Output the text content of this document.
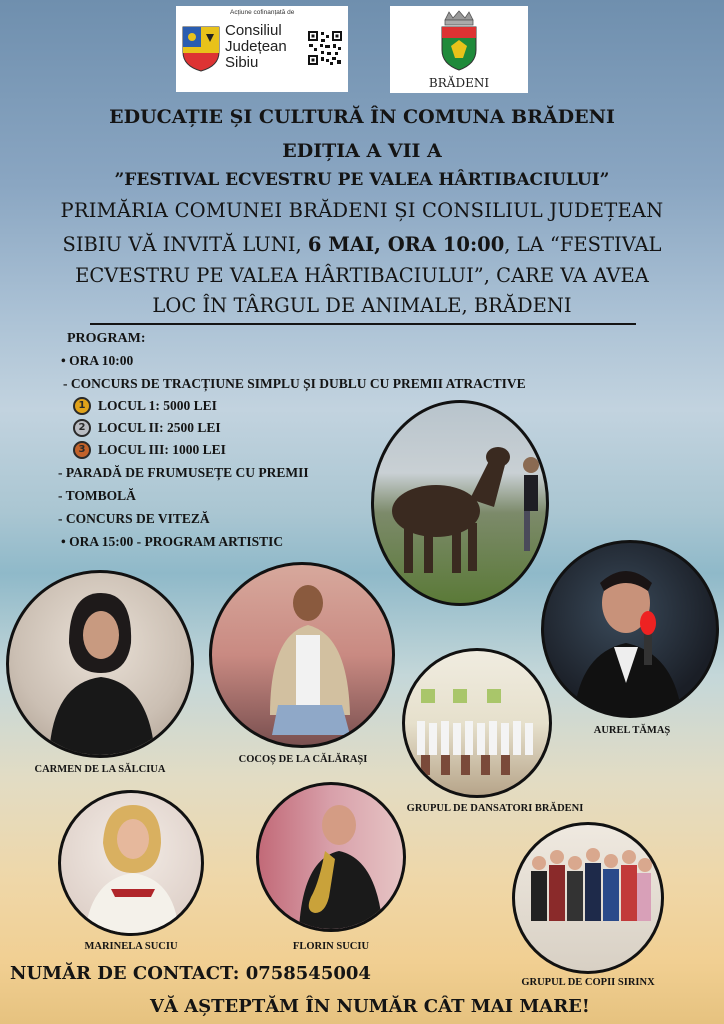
Acțiune cofinanțată de
Consiliul
Județean
Sibiu
BRĂDENI
EDUCAȚIE ȘI CULTURĂ ÎN COMUNA BRĂDENI
EDIȚIA A VII A
”FESTIVAL ECVESTRU PE VALEA HÂRTIBACIULUI”
PRIMĂRIA COMUNEI BRĂDENI ȘI CONSILIUL JUDEȚEAN
SIBIU VĂ INVITĂ LUNI, 6 MAI, ORA 10:00, LA “FESTIVAL
ECVESTRU PE VALEA HÂRTIBACIULUI”, CARE VA AVEA
LOC ÎN TÂRGUL DE ANIMALE, BRĂDENI
PROGRAM:
• ORA 10:00
- CONCURS DE TRACȚIUNE SIMPLU ȘI DUBLU CU PREMII ATRACTIVE
1 LOCUL 1: 5000 LEI
2 LOCUL II: 2500 LEI
3 LOCUL III: 1000 LEI
- PARADĂ DE FRUMUSEȚE CU PREMII
- TOMBOLĂ
- CONCURS DE VITEZĂ
• ORA 15:00 - PROGRAM ARTISTIC
CARMEN DE LA SĂLCIUA
COCOȘ DE LA CĂLĂRAȘI
AUREL TĂMAȘ
GRUPUL DE DANSATORI BRĂDENI
MARINELA SUCIU	FLORIN SUCIU
GRUPUL DE COPII SIRINX
NUMĂR DE CONTACT: 0758545004
VĂ AȘTEPTĂM ÎN NUMĂR CÂT MAI MARE!
